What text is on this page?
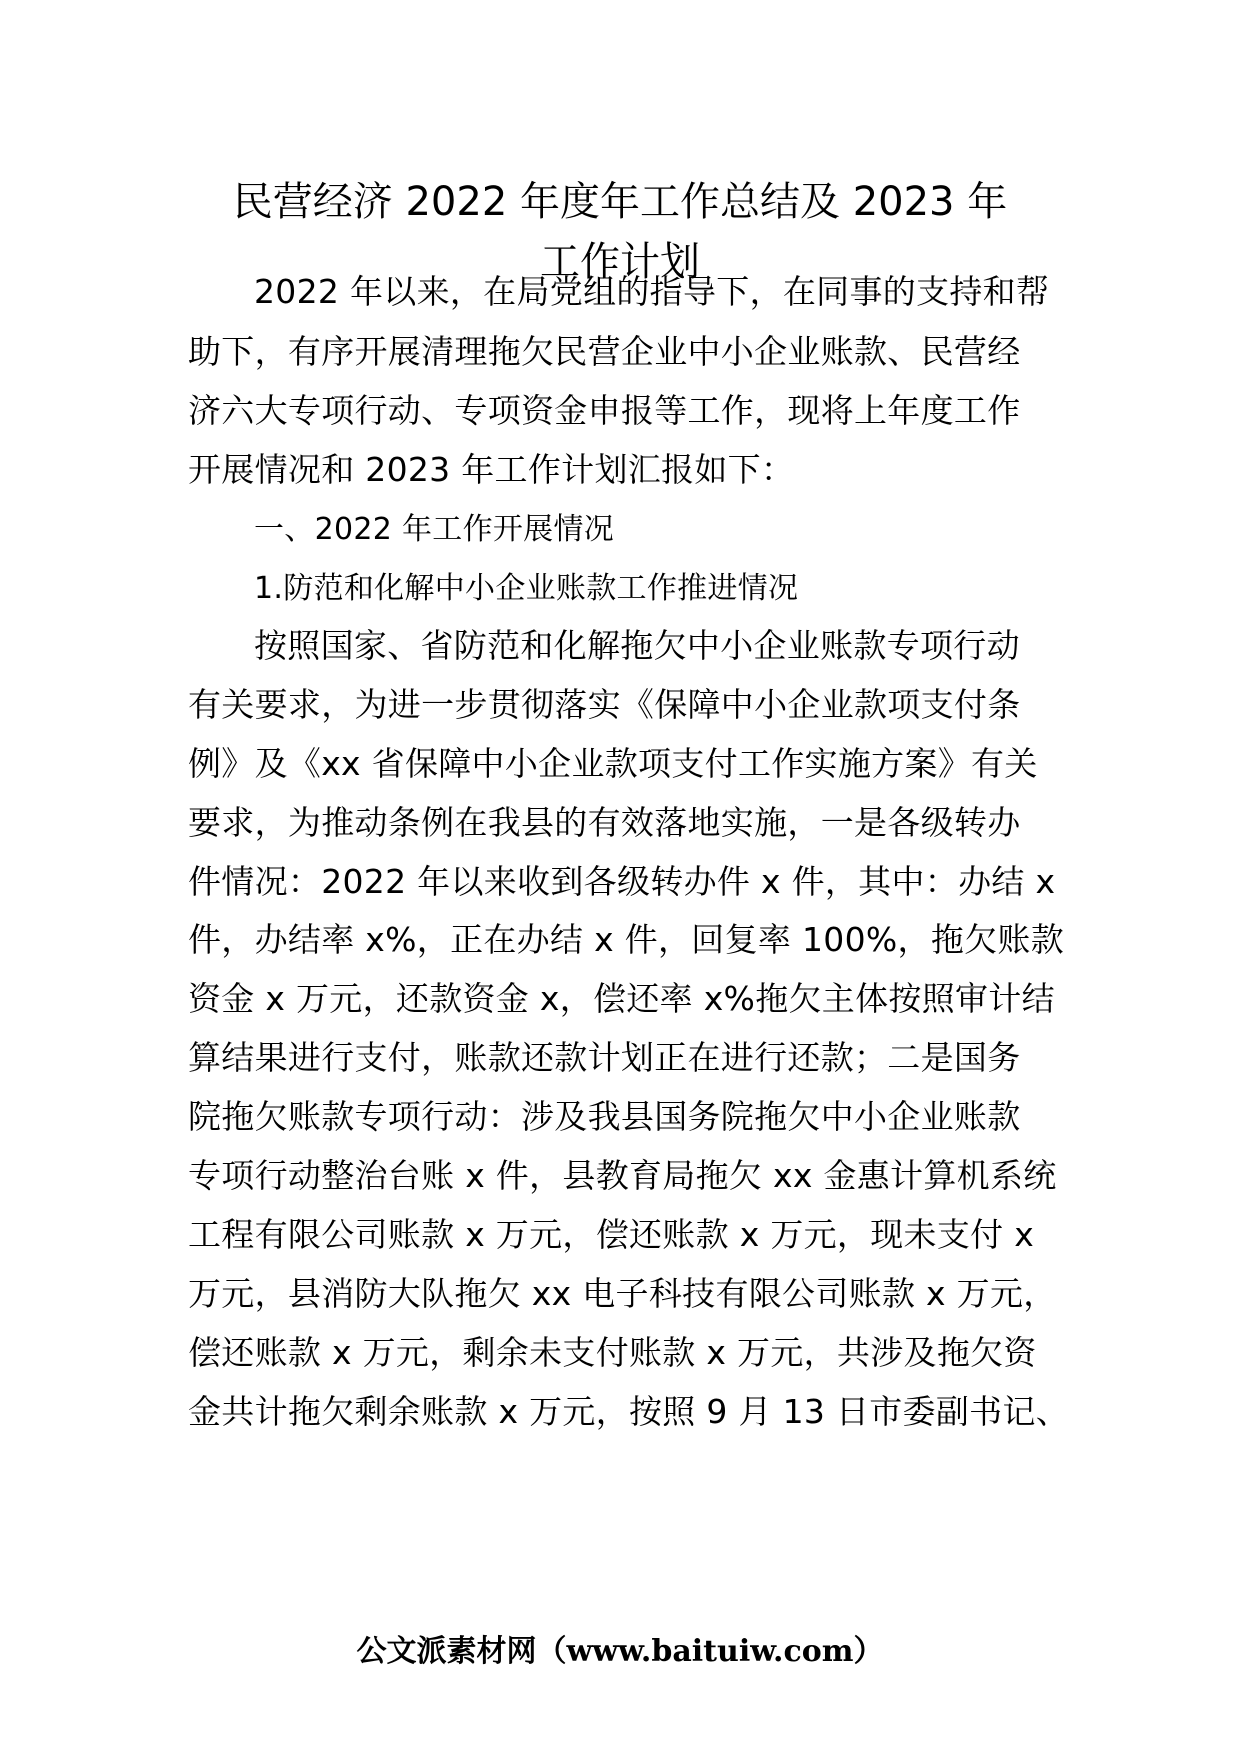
民营经济 2022 年度年工作总结及 2023 年
工作计划
2022 年以来，在局党组的指导下，在同事的支持和帮
助下，有序开展清理拖欠民营企业中小企业账款、民营经
济六大专项行动、专项资金申报等工作，现将上年度工作
开展情况和 2023 年工作计划汇报如下：
一、2022 年工作开展情况
1.防范和化解中小企业账款工作推进情况
按照国家、省防范和化解拖欠中小企业账款专项行动
有关要求，为进一步贯彻落实《保障中小企业款项支付条
例》及《xx 省保障中小企业款项支付工作实施方案》有关
要求，为推动条例在我县的有效落地实施，一是各级转办
件情况：2022 年以来收到各级转办件 x 件，其中：办结 x
件，办结率 x%，正在办结 x 件，回复率 100%，拖欠账款
资金 x 万元，还款资金 x，偿还率 x%拖欠主体按照审计结
算结果进行支付，账款还款计划正在进行还款；二是国务
院拖欠账款专项行动：涉及我县国务院拖欠中小企业账款
专项行动整治台账 x 件，县教育局拖欠 xx 金惠计算机系统
工程有限公司账款 x 万元，偿还账款 x 万元，现未支付 x
万元，县消防大队拖欠 xx 电子科技有限公司账款 x 万元，
偿还账款 x 万元，剩余未支付账款 x 万元，共涉及拖欠资
金共计拖欠剩余账款 x 万元，按照 9 月 13 日市委副书记、
公文派素材网（www.baituiw.com）
